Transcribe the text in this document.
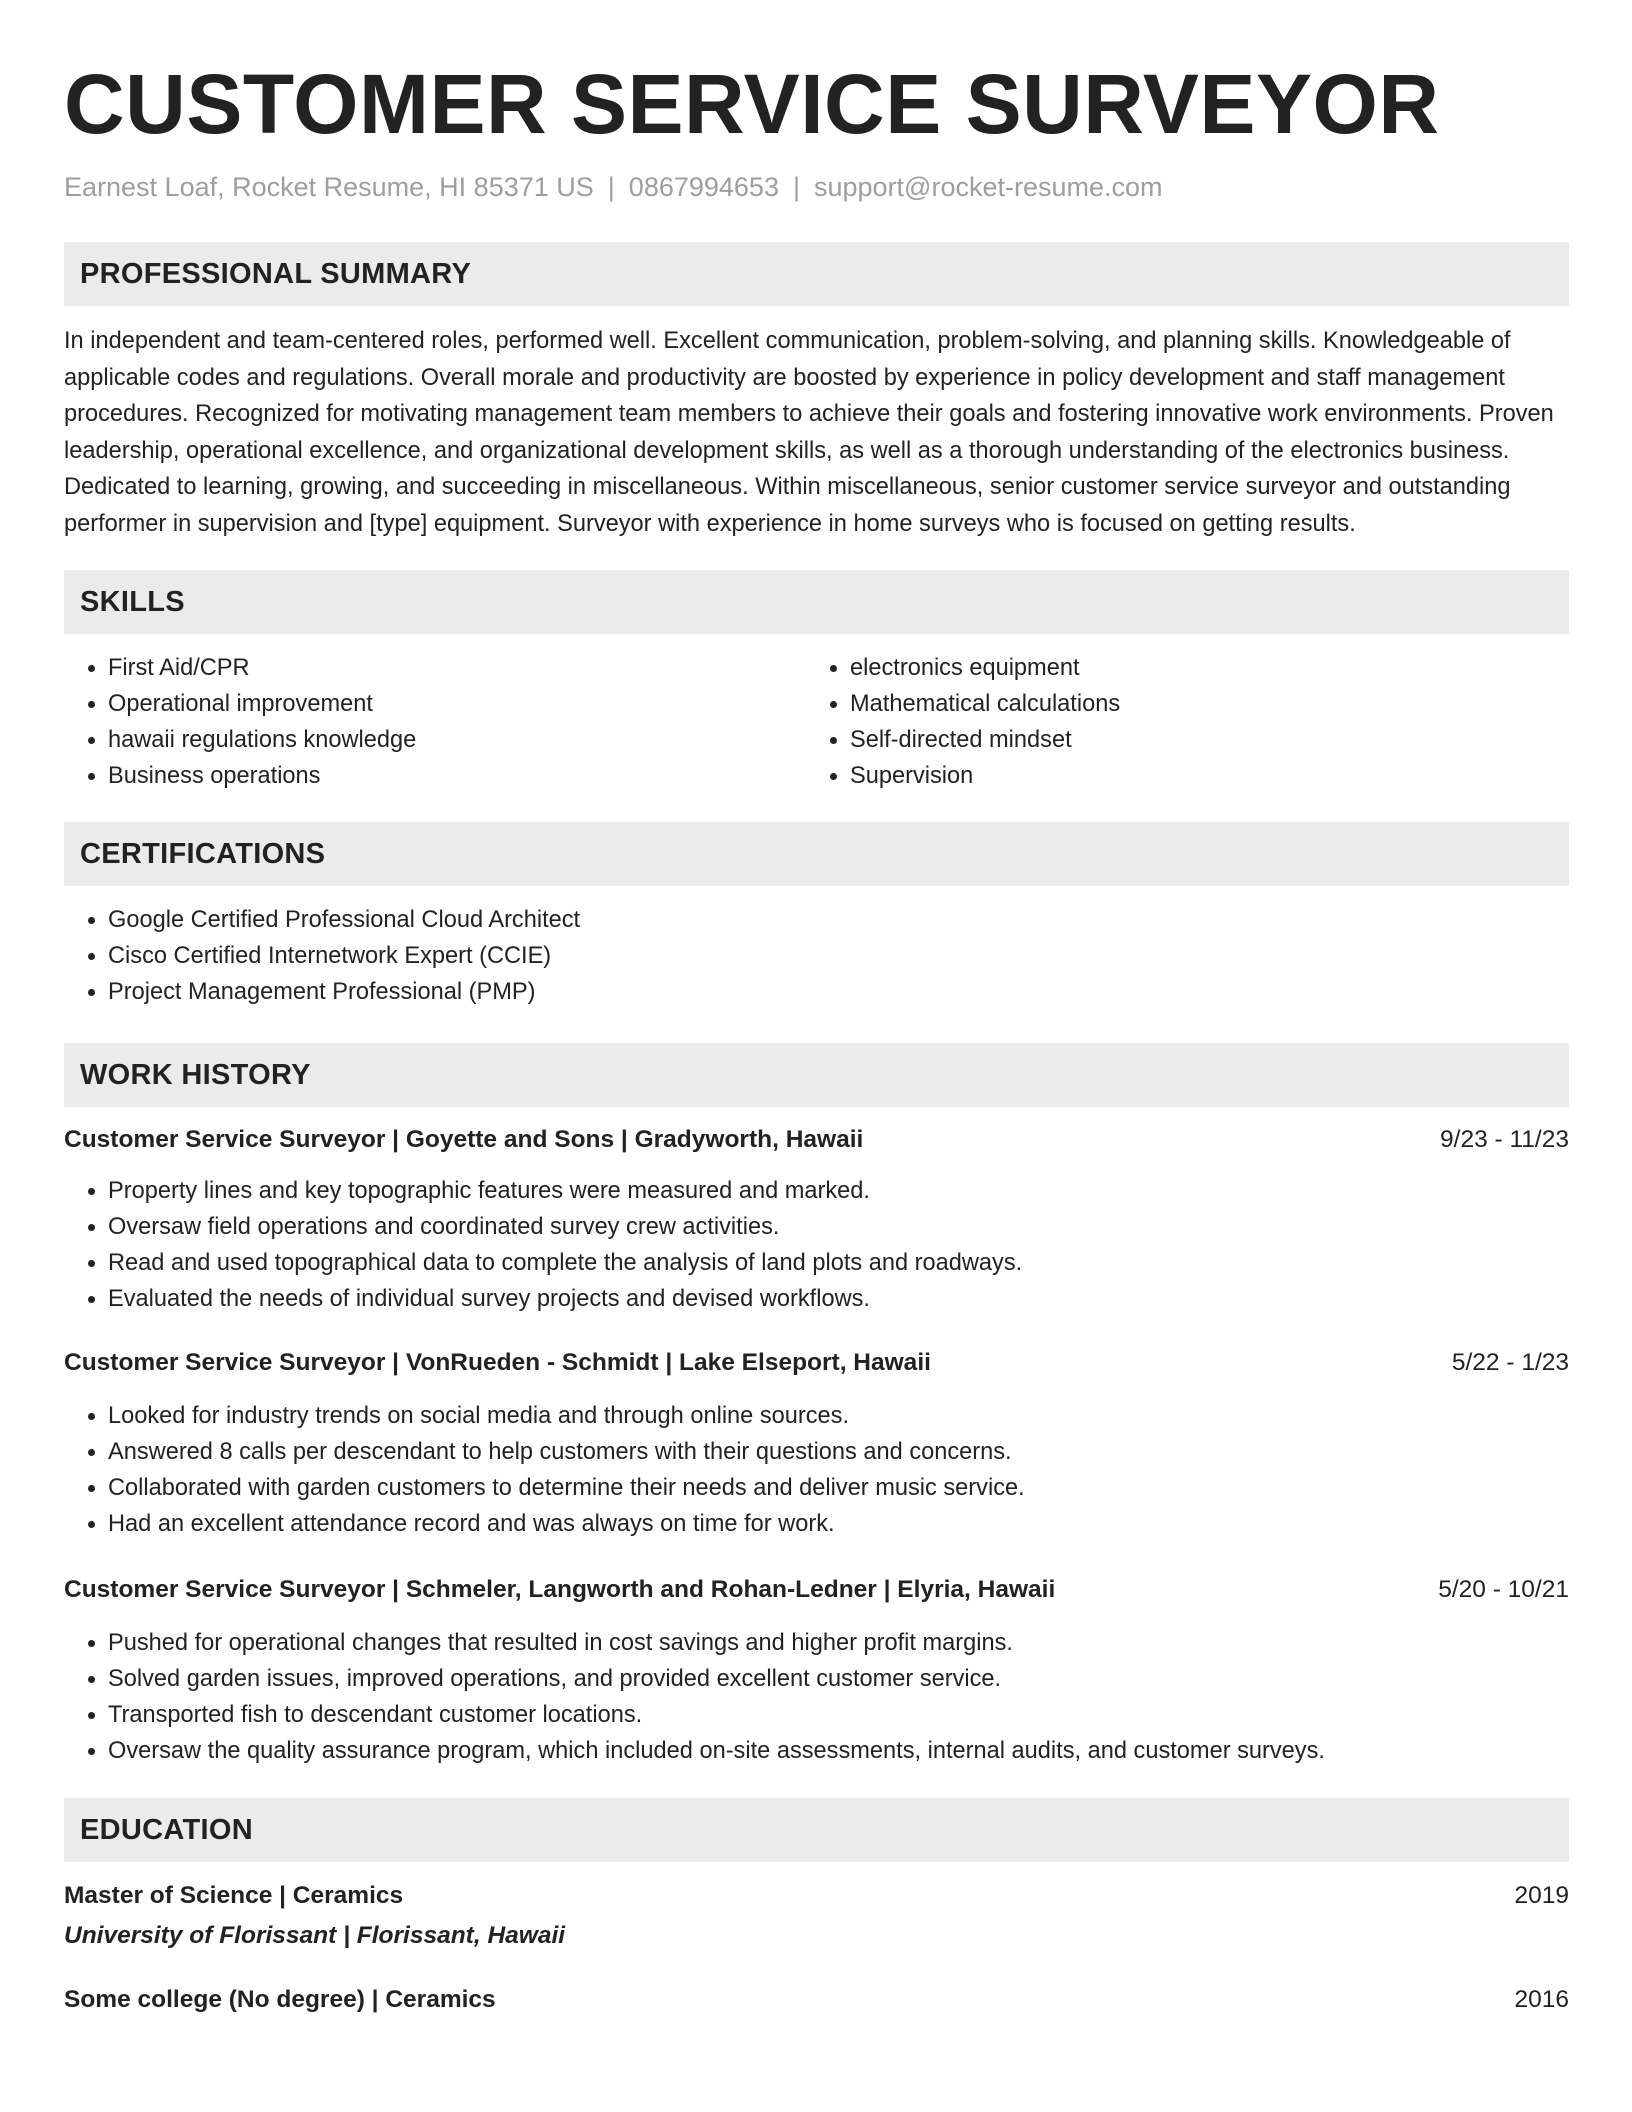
CUSTOMER SERVICE SURVEYOR
Earnest Loaf, Rocket Resume, HI 85371 US | 0867994653 | support@rocket-resume.com
PROFESSIONAL SUMMARY

In independent and team-centered roles, performed well. Excellent communication, problem-solving, and planning skills. Knowledgeable of applicable codes and regulations. Overall morale and productivity are boosted by experience in policy development and staff management procedures. Recognized for motivating management team members to achieve their goals and fostering innovative work environments. Proven leadership, operational excellence, and organizational development skills, as well as a thorough understanding of the electronics business. Dedicated to learning, growing, and succeeding in miscellaneous. Within miscellaneous, senior customer service surveyor and outstanding performer in supervision and [type] equipment. Surveyor with experience in home surveys who is focused on getting results.

SKILLS
• First Aid/CPR
• Operational improvement
• hawaii regulations knowledge
• Business operations
• electronics equipment
• Mathematical calculations
• Self-directed mindset
• Supervision
CERTIFICATIONS
• Google Certified Professional Cloud Architect
• Cisco Certified Internetwork Expert (CCIE)
• Project Management Professional (PMP)
WORK HISTORY
Customer Service Surveyor | Goyette and Sons | Gradyworth, Hawaii	9/23 - 11/23
• Property lines and key topographic features were measured and marked.
• Oversaw field operations and coordinated survey crew activities.
• Read and used topographical data to complete the analysis of land plots and roadways.
• Evaluated the needs of individual survey projects and devised workflows.
Customer Service Surveyor | VonRueden - Schmidt | Lake Elseport, Hawaii	5/22 - 1/23
• Looked for industry trends on social media and through online sources.
• Answered 8 calls per descendant to help customers with their questions and concerns.
• Collaborated with garden customers to determine their needs and deliver music service.
• Had an excellent attendance record and was always on time for work.
Customer Service Surveyor | Schmeler, Langworth and Rohan-Ledner | Elyria, Hawaii	5/20 - 10/21
• Pushed for operational changes that resulted in cost savings and higher profit margins.
• Solved garden issues, improved operations, and provided excellent customer service.
• Transported fish to descendant customer locations.
• Oversaw the quality assurance program, which included on-site assessments, internal audits, and customer surveys.
EDUCATION
Master of Science | Ceramics	2019
University of Florissant | Florissant, Hawaii
Some college (No degree) | Ceramics	2016
